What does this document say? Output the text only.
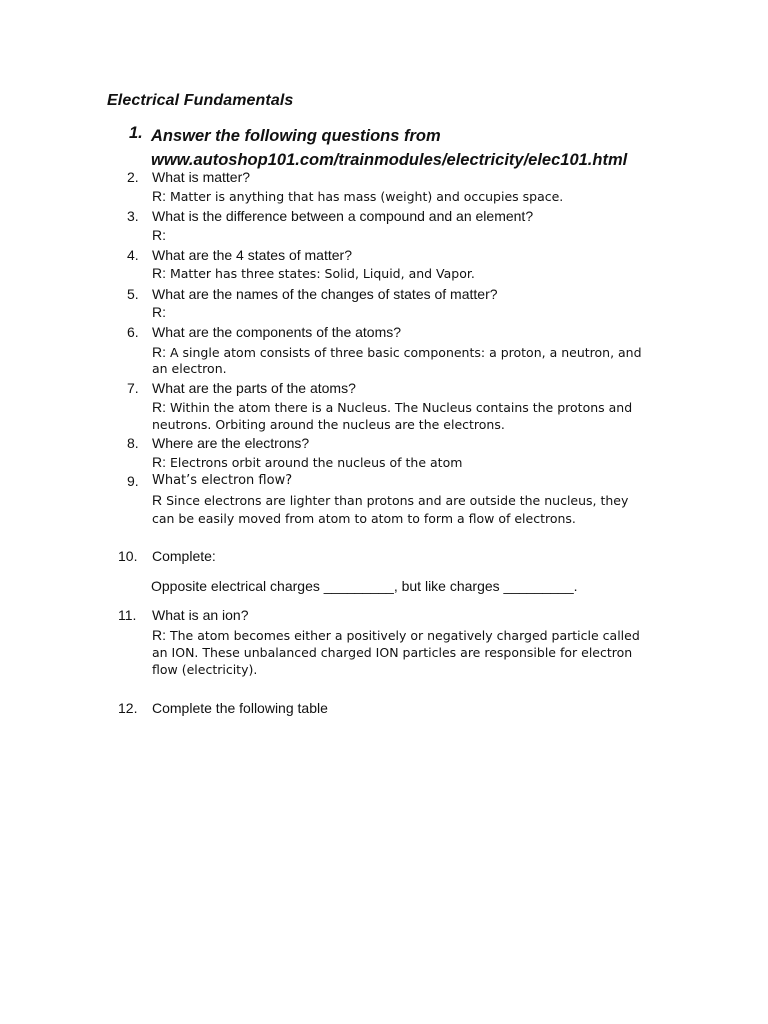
Electrical Fundamentals
1. Answer the following questions from
www.autoshop101.com/trainmodules/electricity/elec101.html
2. What is matter?
R: Matter is anything that has mass (weight) and occupies space.
3. What is the difference between a compound and an element?
R:
4. What are the 4 states of matter?
R: Matter has three states: Solid, Liquid, and Vapor.
5. What are the names of the changes of states of matter?
R:
6. What are the components of the atoms?
R: A single atom consists of three basic components: a proton, a neutron, and
an electron.
7. What are the parts of the atoms?
R: Within the atom there is a Nucleus. The Nucleus contains the protons and
neutrons. Orbiting around the nucleus are the electrons.
8. Where are the electrons?
R: Electrons orbit around the nucleus of the atom
9. What’s electron flow?
R Since electrons are lighter than protons and are outside the nucleus, they
can be easily moved from atom to atom to form a flow of electrons.
10. Complete:
Opposite electrical charges _________, but like charges _________.
11. What is an ion?
R: The atom becomes either a positively or negatively charged particle called
an ION. These unbalanced charged ION particles are responsible for electron
flow (electricity).
12. Complete the following table
